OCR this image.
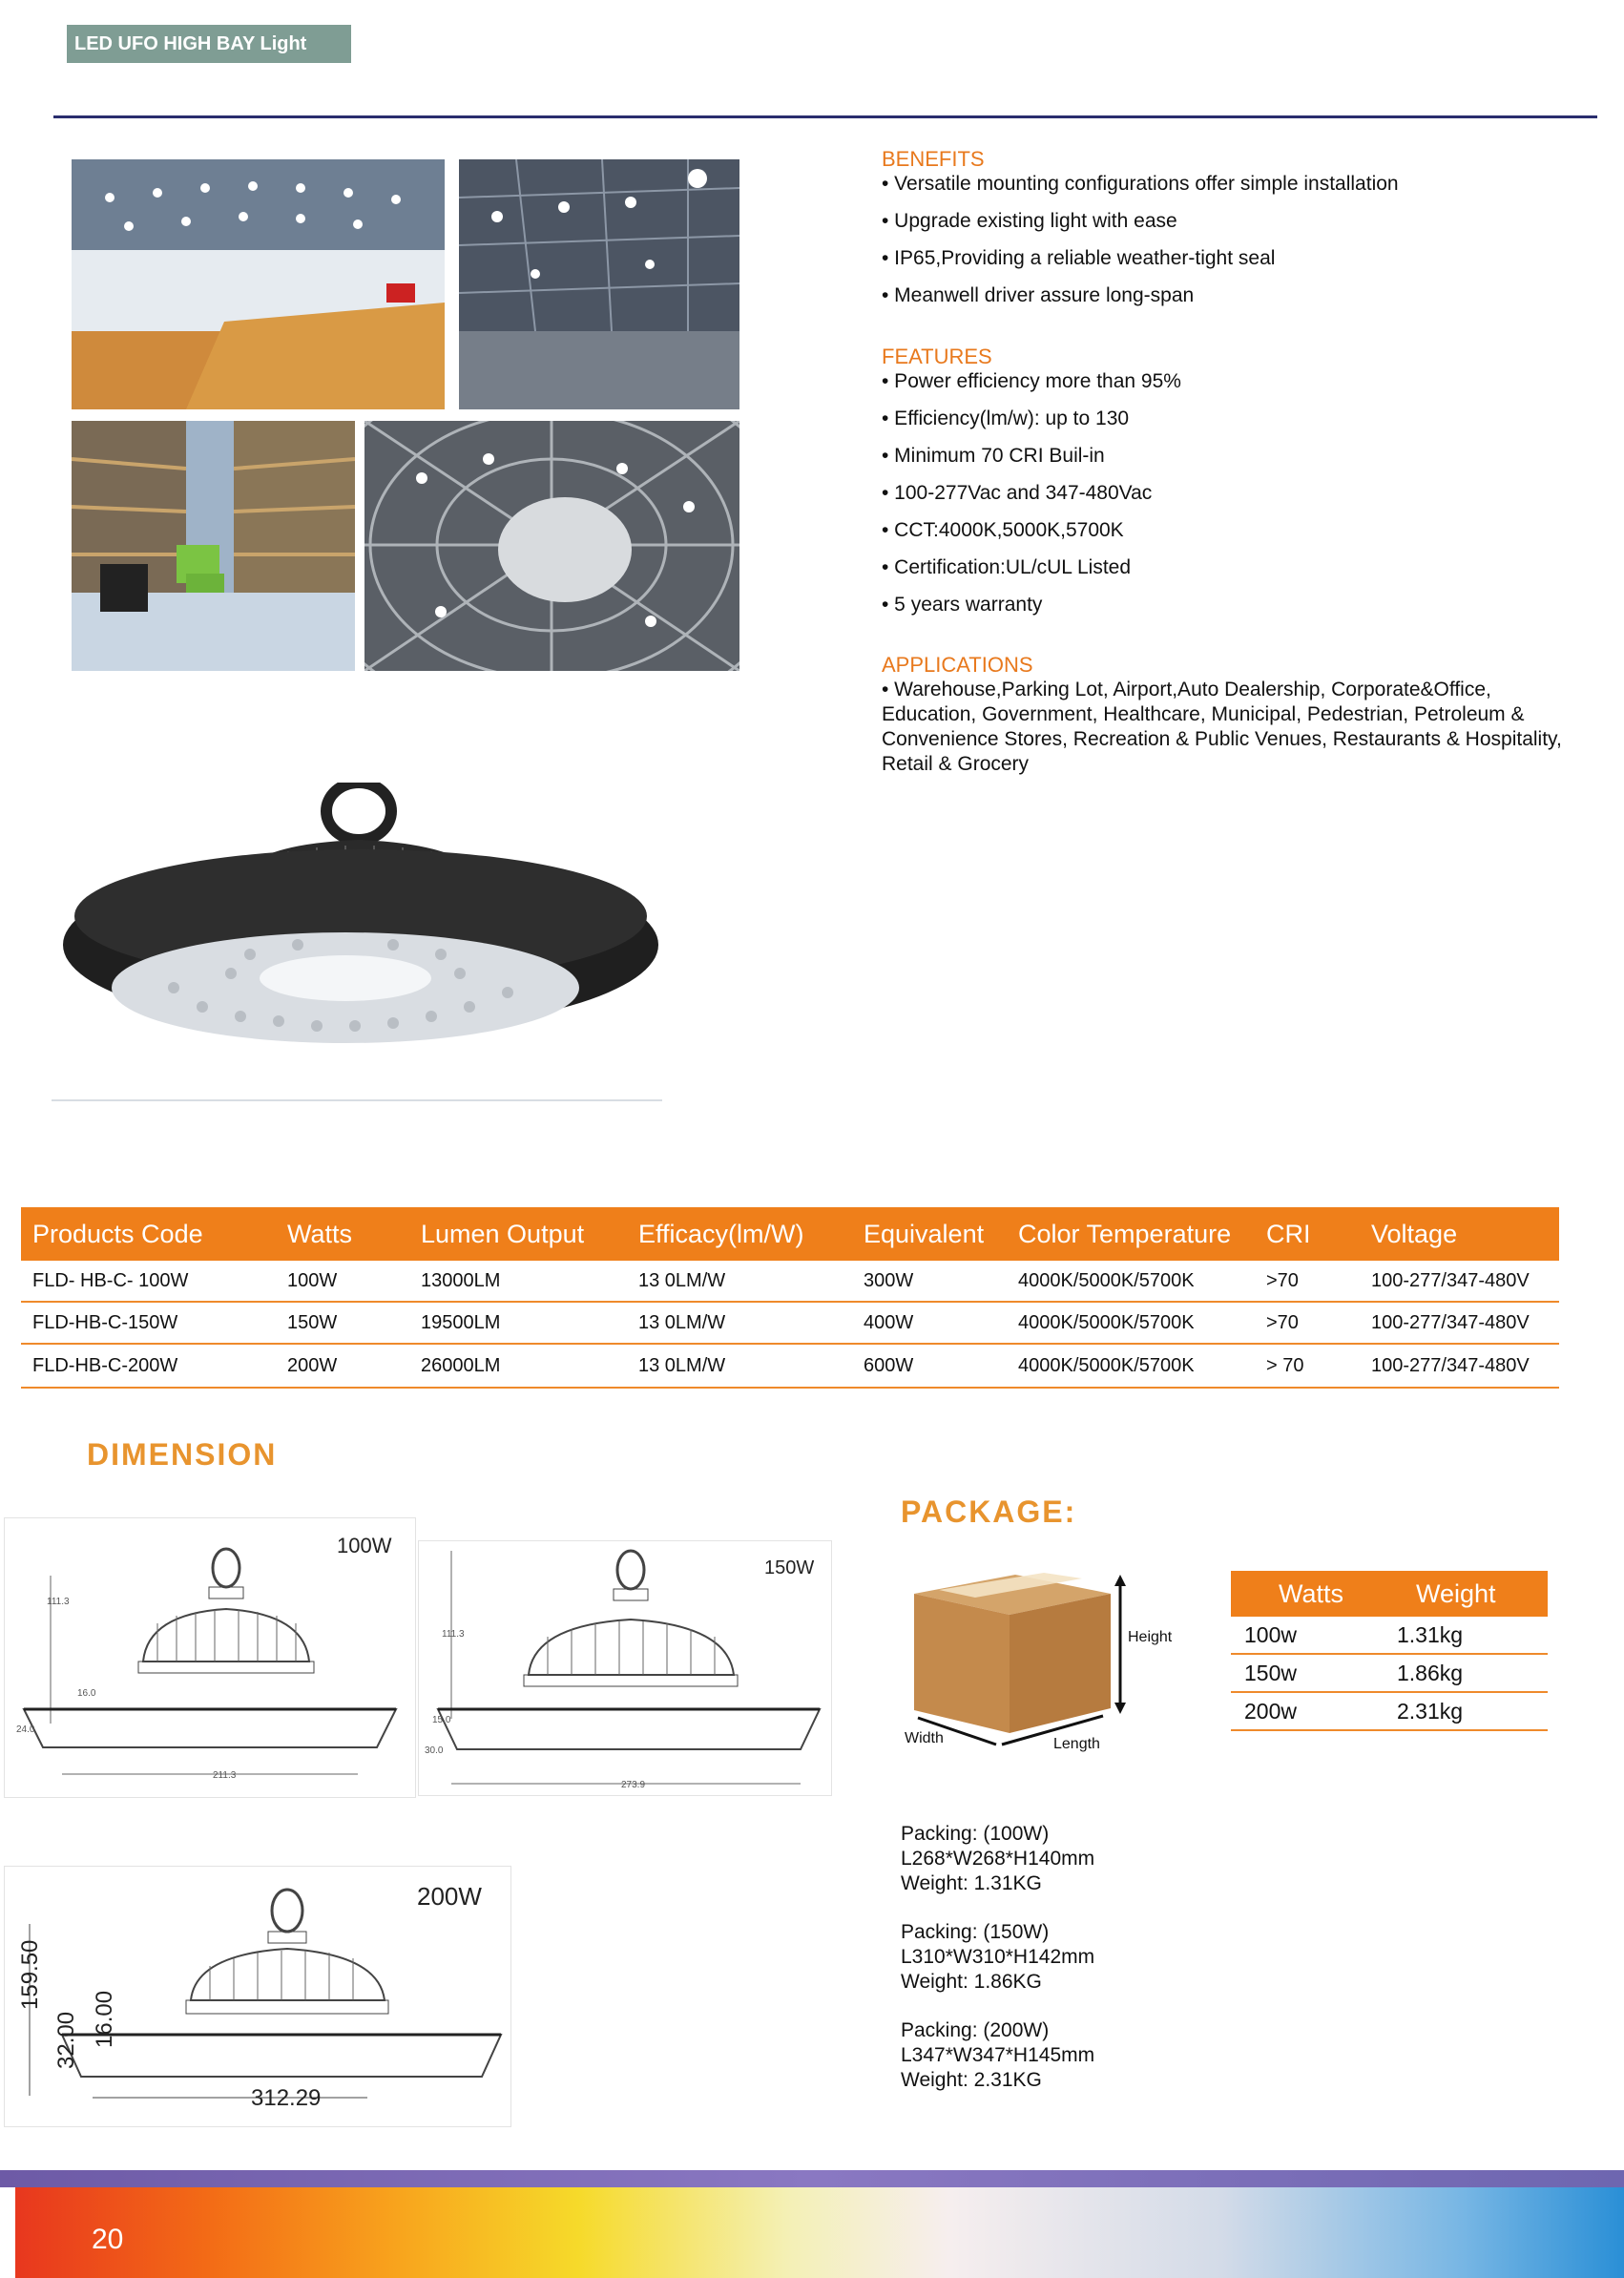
LED UFO HIGH BAY Light

BENEFITS

• Versatile mounting configurations offer simple installation

• Upgrade existing light with ease

• IP65,Providing a reliable weather-tight seal

• Meanwell driver assure long-span

FEATURES

• Power efficiency more than 95%

• Efficiency(lm/w): up to 130

• Minimum 70 CRI Buil-in

• 100-277Vac and 347-480Vac

• CCT:4000K,5000K,5700K

• Certification:UL/cUL Listed

• 5 years warranty

APPLICATIONS

• Warehouse,Parking Lot, Airport,Auto Dealership, Corporate&Office, Education, Government, Healthcare, Municipal, Pedestrian, Petroleum & Convenience Stores, Recreation & Public Venues, Restaurants & Hospitality, Retail & Grocery

Products Code	Watts	Lumen Output	Efficacy(lm/W)	Equivalent	Color Temperature	CRI	Voltage
FLD- HB-C- 100W	100W	13000LM	13 0LM/W	300W	4000K/5000K/5700K	>70	100-277/347-480V
FLD-HB-C-150W	150W	19500LM	13 0LM/W	400W	4000K/5000K/5700K	>70	100-277/347-480V
FLD-HB-C-200W	200W	26000LM	13 0LM/W	600W	4000K/5000K/5700K	> 70	100-277/347-480V
DIMENSION
100W
111.3
16.0
24.0
211.3
150W
111.3
15.0
30.0
273.9
200W
159.50
32.00 16.00
312.29
PACKAGE:
Height
Width	Length
Watts	Weight
100w	1.31kg
150w	1.86kg
200w	2.31kg

Packing: (100W)

L268*W268*H140mm

Weight: 1.31KG

Packing: (150W)

L310*W310*H142mm

Weight: 1.86KG

Packing: (200W)

L347*W347*H145mm

Weight: 2.31KG

20
